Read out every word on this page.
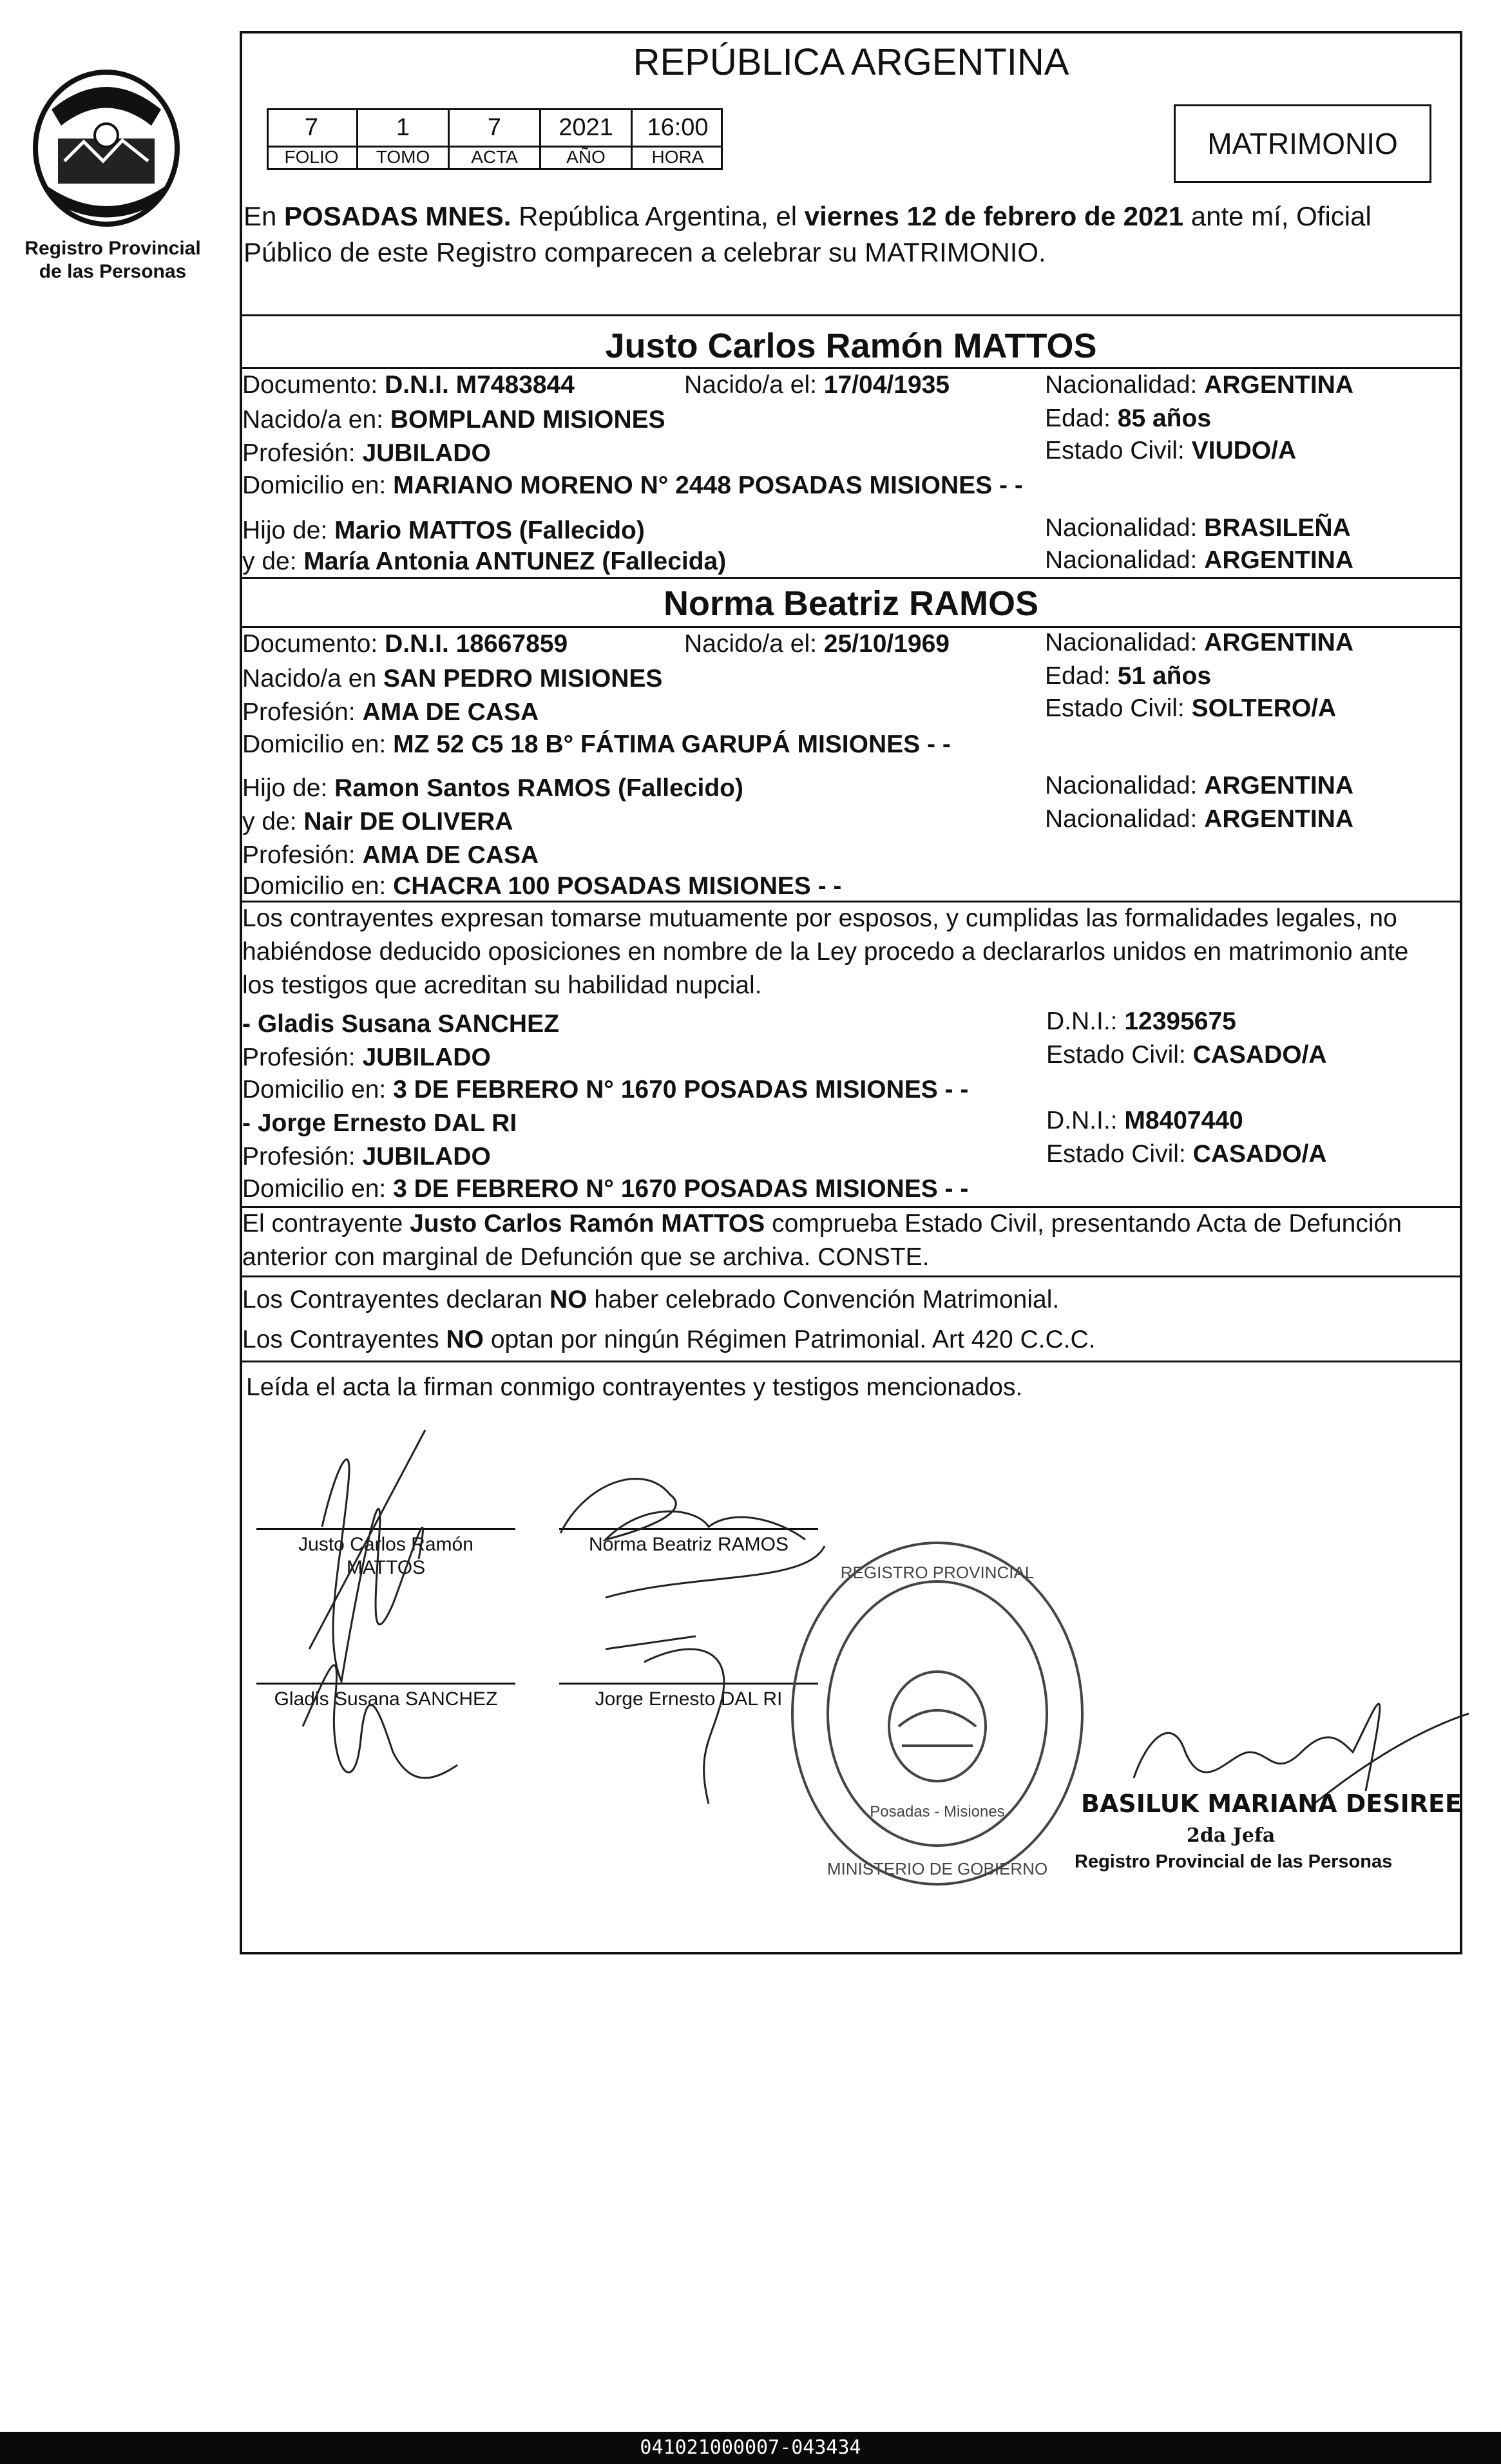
Registro Provincial
de las Personas
REPÚBLICA ARGENTINA
7	1	7	2021	16:00
FOLIO	TOMO	ACTA	AÑO	HORA	MATRIMONIO
En POSADAS MNES. República Argentina, el viernes 12 de febrero de 2021 ante mí, Oficial
Público de este Registro comparecen a celebrar su MATRIMONIO.
Justo Carlos Ramón MATTOS
Documento: D.N.I. M7483844	Nacido/a el: 17/04/1935	Nacionalidad: ARGENTINA
Nacido/a en: BOMPLAND MISIONES	Edad: 85 años
Profesión: JUBILADO	Estado Civil: VIUDO/A
Domicilio en: MARIANO MORENO N° 2448 POSADAS MISIONES - -
Hijo de: Mario MATTOS (Fallecido)	Nacionalidad: BRASILEÑA
y de: María Antonia ANTUNEZ (Fallecida)	Nacionalidad: ARGENTINA
Norma Beatriz RAMOS
Documento: D.N.I. 18667859	Nacido/a el: 25/10/1969	Nacionalidad: ARGENTINA
Nacido/a en SAN PEDRO MISIONES	Edad: 51 años
Profesión: AMA DE CASA	Estado Civil: SOLTERO/A
Domicilio en: MZ 52 C5 18 B° FÁTIMA GARUPÁ MISIONES - -
Hijo de: Ramon Santos RAMOS (Fallecido)	Nacionalidad: ARGENTINA
y de: Nair DE OLIVERA	Nacionalidad: ARGENTINA
Profesión: AMA DE CASA
Domicilio en: CHACRA 100 POSADAS MISIONES - -
Los contrayentes expresan tomarse mutuamente por esposos, y cumplidas las formalidades legales, no
habiéndose deducido oposiciones en nombre de la Ley procedo a declararlos unidos en matrimonio ante
los testigos que acreditan su habilidad nupcial.
- Gladis Susana SANCHEZ	D.N.I.: 12395675
Profesión: JUBILADO	Estado Civil: CASADO/A
Domicilio en: 3 DE FEBRERO N° 1670 POSADAS MISIONES - -
- Jorge Ernesto DAL RI	D.N.I.: M8407440
Profesión: JUBILADO	Estado Civil: CASADO/A
Domicilio en: 3 DE FEBRERO N° 1670 POSADAS MISIONES - -
El contrayente Justo Carlos Ramón MATTOS comprueba Estado Civil, presentando Acta de Defunción
anterior con marginal de Defunción que se archiva. CONSTE.
Los Contrayentes declaran NO haber celebrado Convención Matrimonial.
Los Contrayentes NO optan por ningún Régimen Patrimonial. Art 420 C.C.C.
Leída el acta la firman conmigo contrayentes y testigos mencionados.
Justo Carlos Ramón
MATTOS
Norma Beatriz RAMOS
Gladis Susana SANCHEZ	Jorge Ernesto DAL RI
REGISTRO PROVINCIAL
MINISTERIO DE GOBIERNO
Posadas - Misiones	BASILUK MARIANA DESIREE
2da Jefa
Registro Provincial de las Personas
041021000007-043434
